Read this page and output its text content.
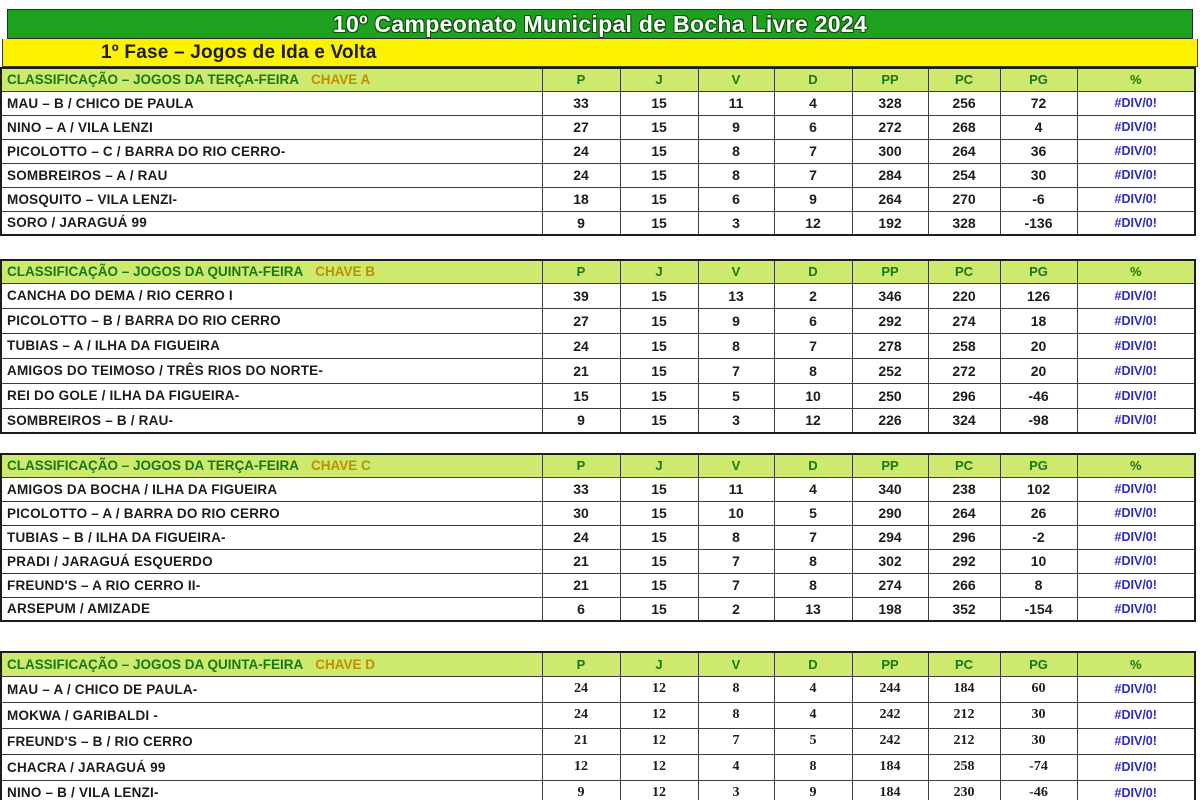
10º Campeonato Municipal de Bocha Livre 2024
1º Fase – Jogos de Ida e Volta
CLASSIFICAÇÃO – JOGOS DA TERÇA-FEIRA CHAVE A	P	J	V	D	PP	PC	PG	%
MAU – B / CHICO DE PAULA	33	15	11	4	328	256	72	#DIV/0!
NINO – A / VILA LENZI	27	15	9	6	272	268	4	#DIV/0!
PICOLOTTO – C / BARRA DO RIO CERRO-	24	15	8	7	300	264	36	#DIV/0!
SOMBREIROS – A / RAU	24	15	8	7	284	254	30	#DIV/0!
MOSQUITO – VILA LENZI-	18	15	6	9	264	270	-6	#DIV/0!
SORO / JARAGUÁ 99	9	15	3	12	192	328	-136	#DIV/0!
CLASSIFICAÇÃO – JOGOS DA QUINTA-FEIRA CHAVE B	P	J	V	D	PP	PC	PG	%
CANCHA DO DEMA / RIO CERRO I	39	15	13	2	346	220	126	#DIV/0!
PICOLOTTO – B / BARRA DO RIO CERRO	27	15	9	6	292	274	18	#DIV/0!
TUBIAS – A / ILHA DA FIGUEIRA	24	15	8	7	278	258	20	#DIV/0!
AMIGOS DO TEIMOSO / TRÊS RIOS DO NORTE-	21	15	7	8	252	272	20	#DIV/0!
REI DO GOLE / ILHA DA FIGUEIRA-	15	15	5	10	250	296	-46	#DIV/0!
SOMBREIROS – B / RAU-	9	15	3	12	226	324	-98	#DIV/0!
CLASSIFICAÇÃO – JOGOS DA TERÇA-FEIRA CHAVE C	P	J	V	D	PP	PC	PG	%
AMIGOS DA BOCHA / ILHA DA FIGUEIRA	33	15	11	4	340	238	102	#DIV/0!
PICOLOTTO – A / BARRA DO RIO CERRO	30	15	10	5	290	264	26	#DIV/0!
TUBIAS – B / ILHA DA FIGUEIRA-	24	15	8	7	294	296	-2	#DIV/0!
PRADI / JARAGUÁ ESQUERDO	21	15	7	8	302	292	10	#DIV/0!
FREUND'S – A RIO CERRO II-	21	15	7	8	274	266	8	#DIV/0!
ARSEPUM / AMIZADE	6	15	2	13	198	352	-154	#DIV/0!
CLASSIFICAÇÃO – JOGOS DA QUINTA-FEIRA CHAVE D	P	J	V	D	PP	PC	PG	%
MAU – A / CHICO DE PAULA-	24	12	8	4	244	184	60	#DIV/0!
MOKWA / GARIBALDI -	24	12	8	4	242	212	30	#DIV/0!
FREUND'S – B / RIO CERRO	21	12	7	5	242	212	30	#DIV/0!
CHACRA / JARAGUÁ 99	12	12	4	8	184	258	-74	#DIV/0!
NINO – B / VILA LENZI-	9	12	3	9	184	230	-46	#DIV/0!
